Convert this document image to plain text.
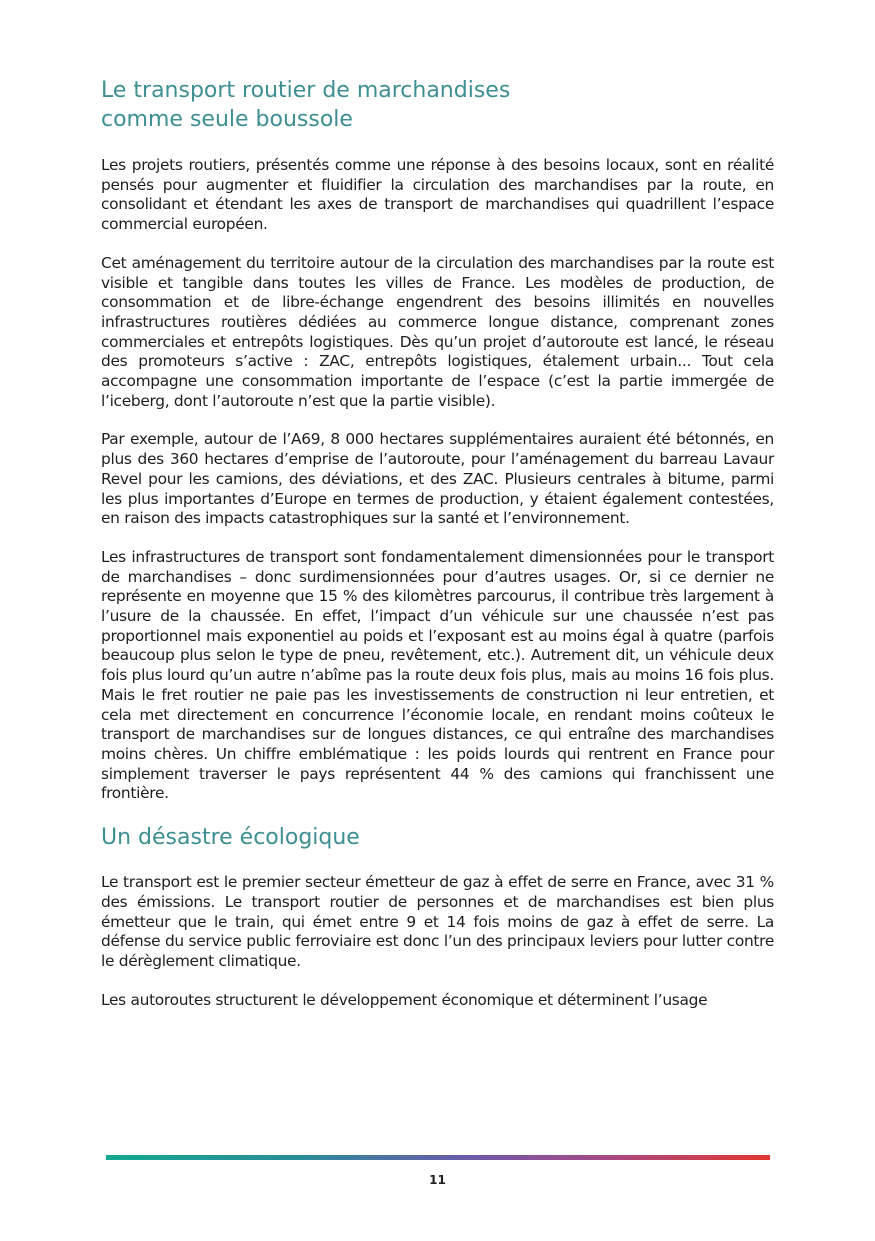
Le transport routier de marchandises
comme seule boussole

Les projets routiers, présentés comme une réponse à des besoins locaux, sont en réalité pensés pour augmenter et fluidifier la circulation des marchandises par la route, en consolidant et étendant les axes de transport de marchandises qui quadrillent l’espace commercial européen.

Cet aménagement du territoire autour de la circulation des marchandises par la route est visible et tangible dans toutes les villes de France. Les modèles de production, de consommation et de libre-échange engendrent des besoins illimités en nouvelles infrastructures routières dédiées au commerce longue distance, comprenant zones commerciales et entrepôts logistiques. Dès qu’un projet d’autoroute est lancé, le réseau des promoteurs s’active : ZAC, entrepôts logistiques, étalement urbain... Tout cela accompagne une consommation importante de l’espace (c’est la partie immergée de l’iceberg, dont l’autoroute n’est que la partie visible).

Par exemple, autour de l’A69, 8 000 hectares supplémentaires auraient été bétonnés, en plus des 360 hectares d’emprise de l’autoroute, pour l’aménagement du barreau Lavaur Revel pour les camions, des déviations, et des ZAC. Plusieurs centrales à bitume, parmi les plus importantes d’Europe en termes de production, y étaient également contestées, en raison des impacts catastrophiques sur la santé et l’environnement.

Les infrastructures de transport sont fondamentalement dimensionnées pour le transport de marchandises – donc surdimensionnées pour d’autres usages. Or, si ce dernier ne représente en moyenne que 15 % des kilomètres parcourus, il contribue très largement à l’usure de la chaussée. En effet, l’impact d’un véhicule sur une chaussée n’est pas proportionnel mais exponentiel au poids et l’exposant est au moins égal à quatre (parfois beaucoup plus selon le type de pneu, revêtement, etc.). Autrement dit, un véhicule deux fois plus lourd qu’un autre n’abîme pas la route deux fois plus, mais au moins 16 fois plus. Mais le fret routier ne paie pas les investissements de construction ni leur entretien, et cela met directement en concurrence l’économie locale, en rendant moins coûteux le transport de marchandises sur de longues distances, ce qui entraîne des marchandises moins chères. Un chiffre emblématique : les poids lourds qui rentrent en France pour simplement traverser le pays représentent 44 % des camions qui franchissent une frontière.

Un désastre écologique

Le transport est le premier secteur émetteur de gaz à effet de serre en France, avec 31 % des émissions. Le transport routier de personnes et de marchandises est bien plus émetteur que le train, qui émet entre 9 et 14 fois moins de gaz à effet de serre. La défense du service public ferroviaire est donc l’un des principaux leviers pour lutter contre le dérèglement climatique.

Les autoroutes structurent le développement économique et déterminent l’usage

11
